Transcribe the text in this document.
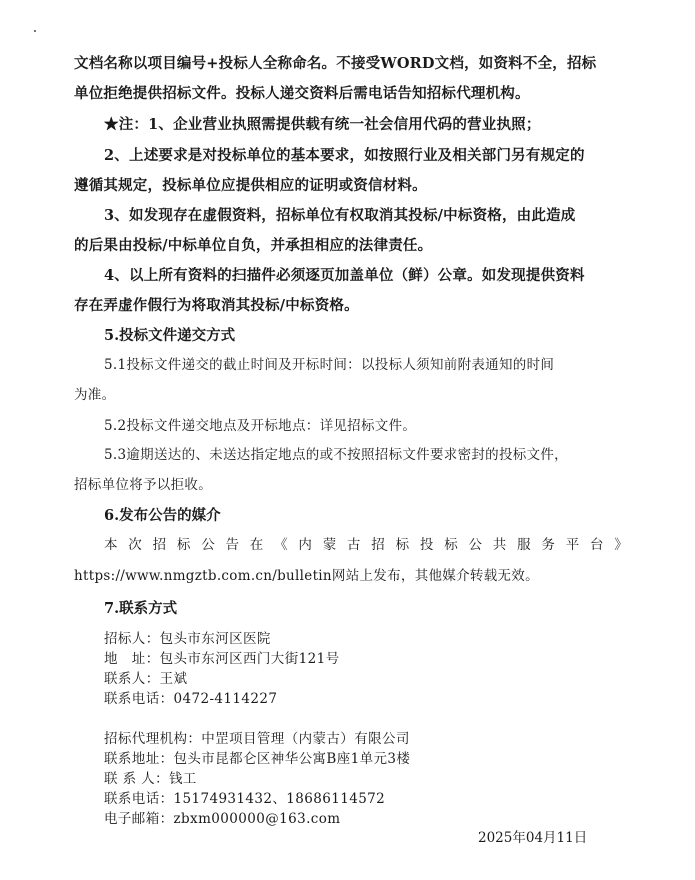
文档名称以项目编号+投标人全称命名。不接受WORD文档，如资料不全，招标
单位拒绝提供招标文件。投标人递交资料后需电话告知招标代理机构。
★注：1、企业营业执照需提供载有统一社会信用代码的营业执照；
2、上述要求是对投标单位的基本要求，如按照行业及相关部门另有规定的
遵循其规定，投标单位应提供相应的证明或资信材料。
3、如发现存在虚假资料，招标单位有权取消其投标/中标资格，由此造成
的后果由投标/中标单位自负，并承担相应的法律责任。
4、以上所有资料的扫描件必须逐页加盖单位（鲜）公章。如发现提供资料
存在弄虚作假行为将取消其投标/中标资格。
5.投标文件递交方式
5.1投标文件递交的截止时间及开标时间：以投标人须知前附表通知的时间
为准。
5.2投标文件递交地点及开标地点：详见招标文件。
5.3逾期送达的、未送达指定地点的或不按照招标文件要求密封的投标文件，
招标单位将予以拒收。
6.发布公告的媒介
本次招标公告在《内蒙古招标投标公共服务平台》
https://www.nmgztb.com.cn/bulletin网站上发布，其他媒介转载无效。
7.联系方式
招标人：包头市东河区医院
地　址：包头市东河区西门大街121号
联系人：王斌
联系电话：0472-4114227
招标代理机构：中罡项目管理（内蒙古）有限公司
联系地址：包头市昆都仑区神华公寓B座1单元3楼
联 系 人：钱工
联系电话：15174931432、18686114572
电子邮箱：zbxm000000@163.com
2025年04月11日
